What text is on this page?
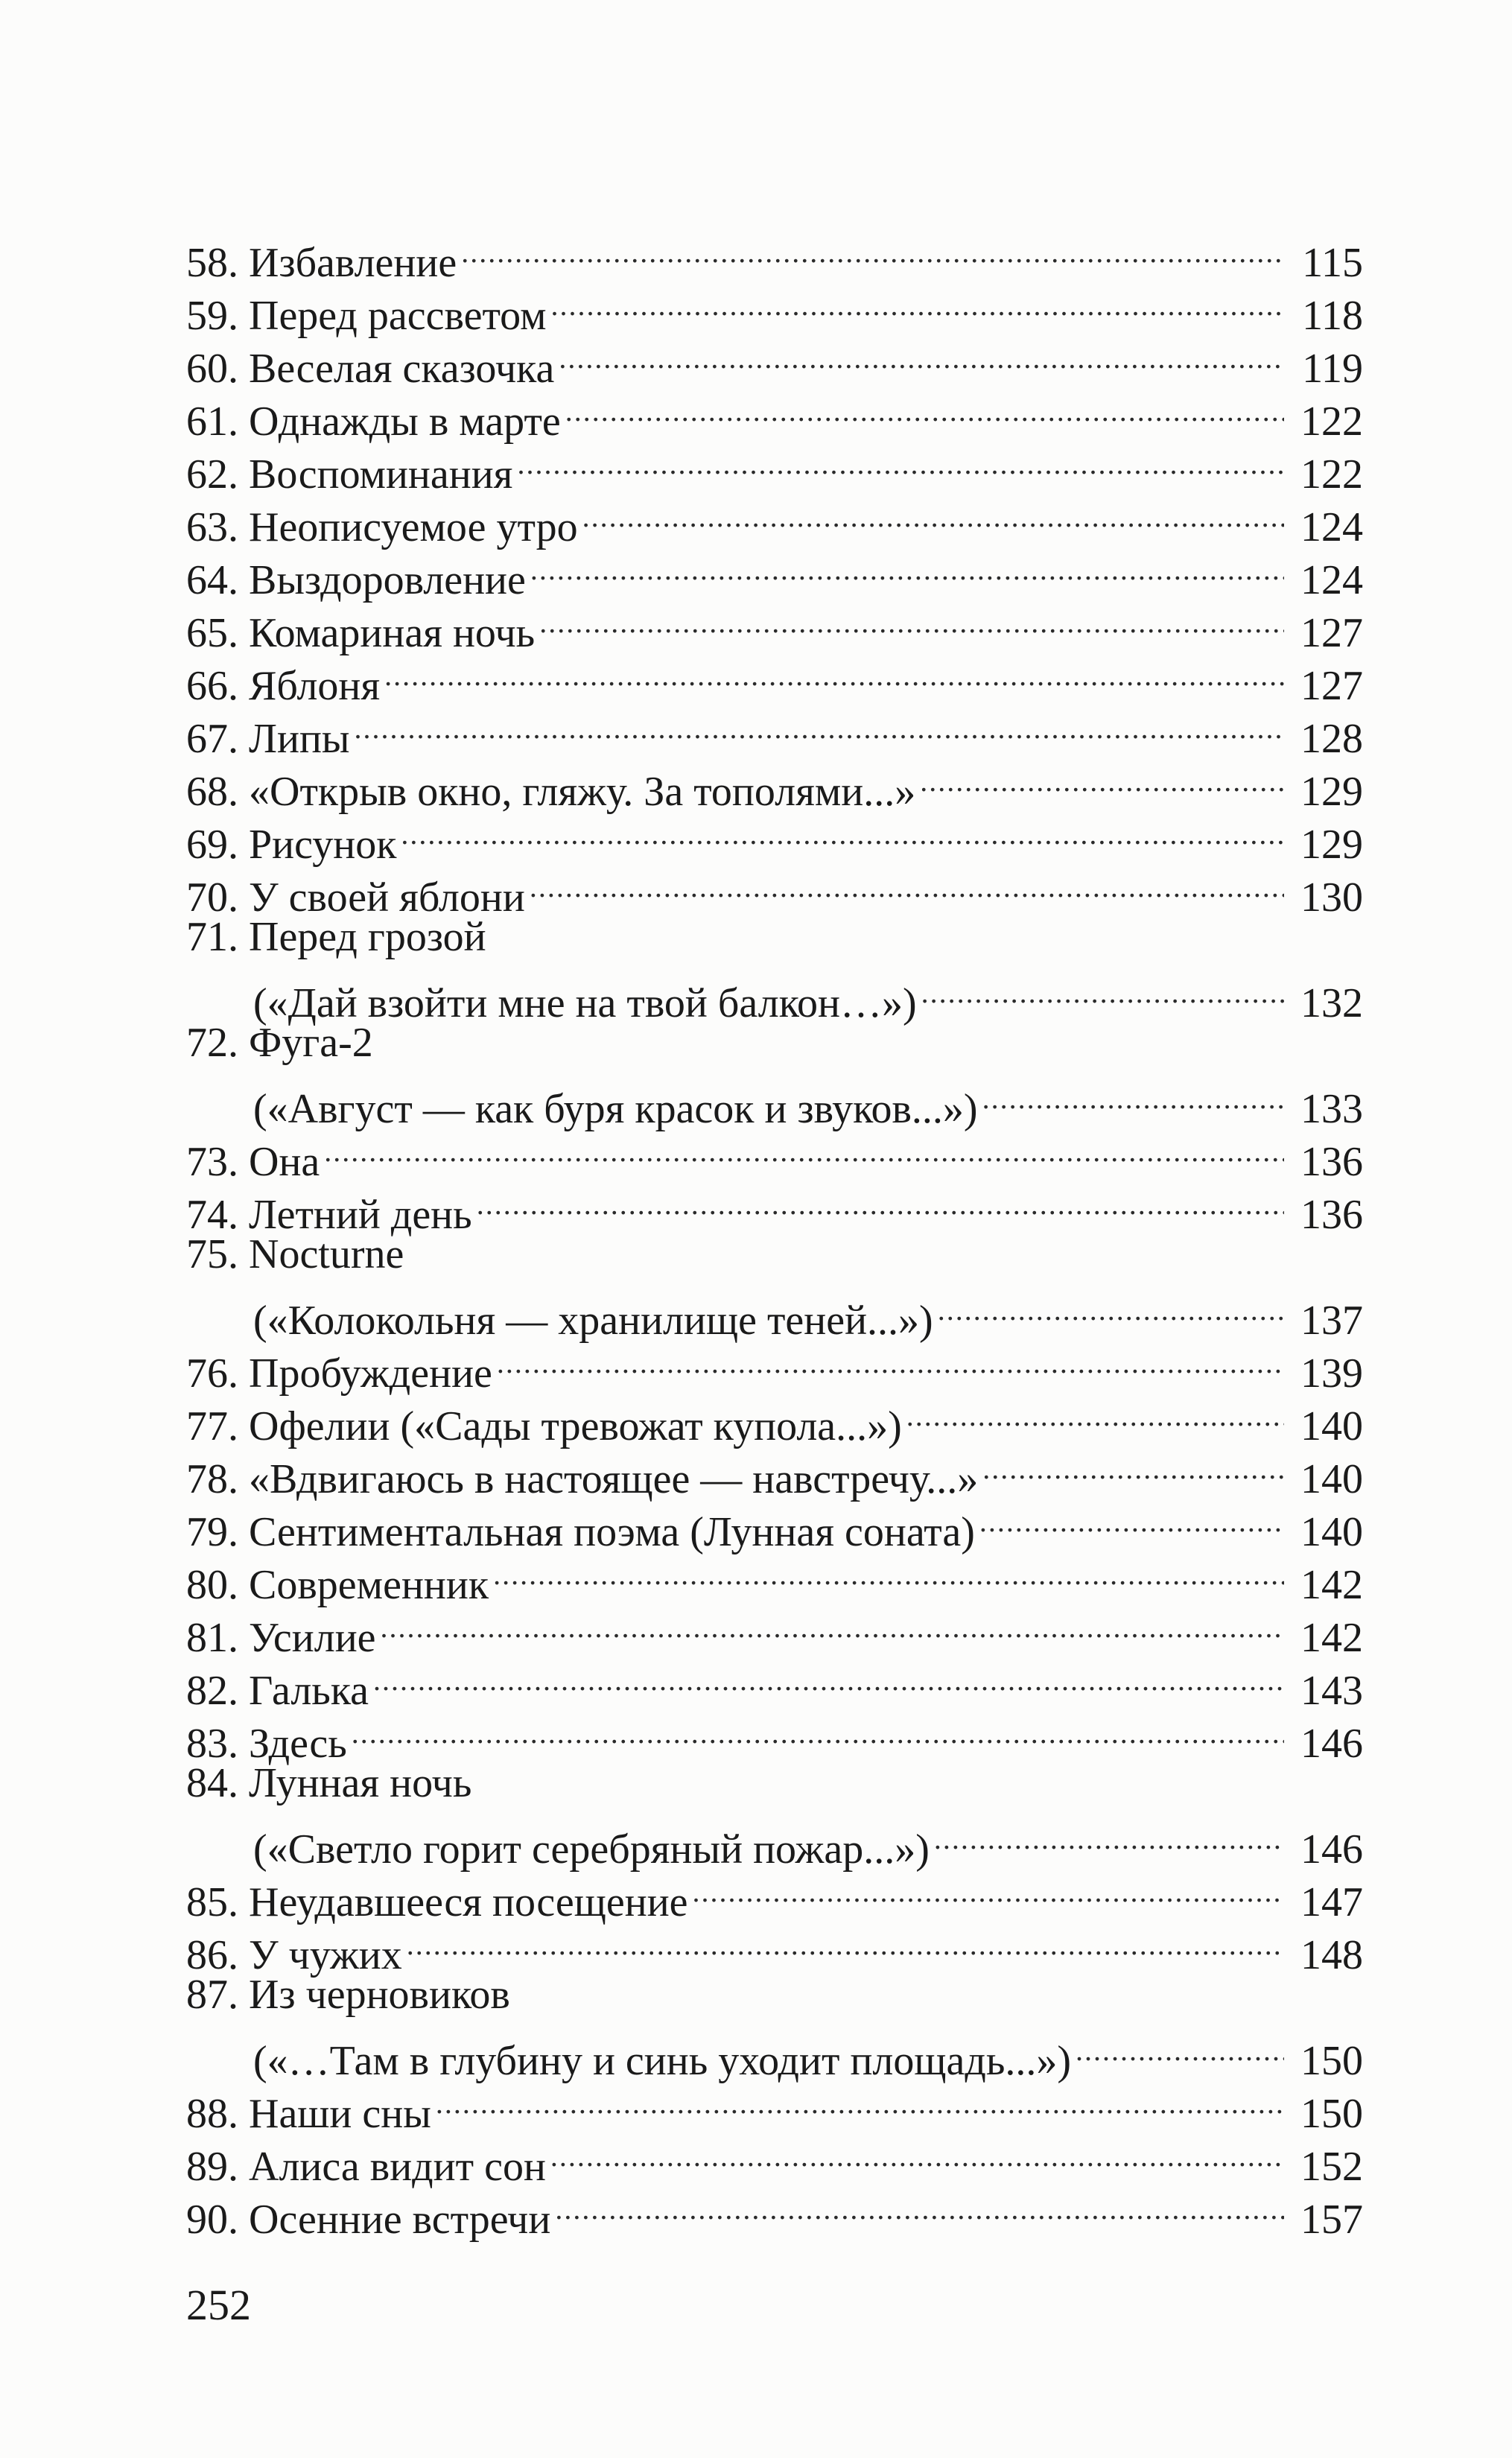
58. Избавление .....	115
59. Перед рассветом .....	118
60. Веселая сказочка .....	119
61. Однажды в марте .....	122
62. Воспоминания .....	122
63. Неописуемое утро .....	124
64. Выздоровление .....	124
65. Комариная ночь .....	127
66. Яблоня .....	127
67. Липы .....	128
68. «Открыв окно, гляжу. За тополями...» .....	129
69. Рисунок .....	129
70. У своей яблони .....	130
71. Перед грозой
(«Дай взойти мне на твой балкон…») .....	132
72. Фуга-2
(«Август — как буря красок и звуков...») .....	133
73. Она .....	136
74. Летний день .....	136
75. Nocturne
(«Колокольня — хранилище теней...») .....	137
76. Пробуждение .....	139
77. Офелии («Сады тревожат купола...») .....	140
78. «Вдвигаюсь в настоящее — навстречу...» .....	140
79. Сентиментальная поэма (Лунная соната) .....	140
80. Современник .....	142
81. Усилие .....	142
82. Галька .....	143
83. Здесь .....	146
84. Лунная ночь
(«Светло горит серебряный пожар...») .....	146
85. Неудавшееся посещение .....	147
86. У чужих .....	148
87. Из черновиков
(«…Там в глубину и синь уходит площадь...») .....	150
88. Наши сны .....	150
89. Алиса видит сон .....	152
90. Осенние встречи .....	157
252
